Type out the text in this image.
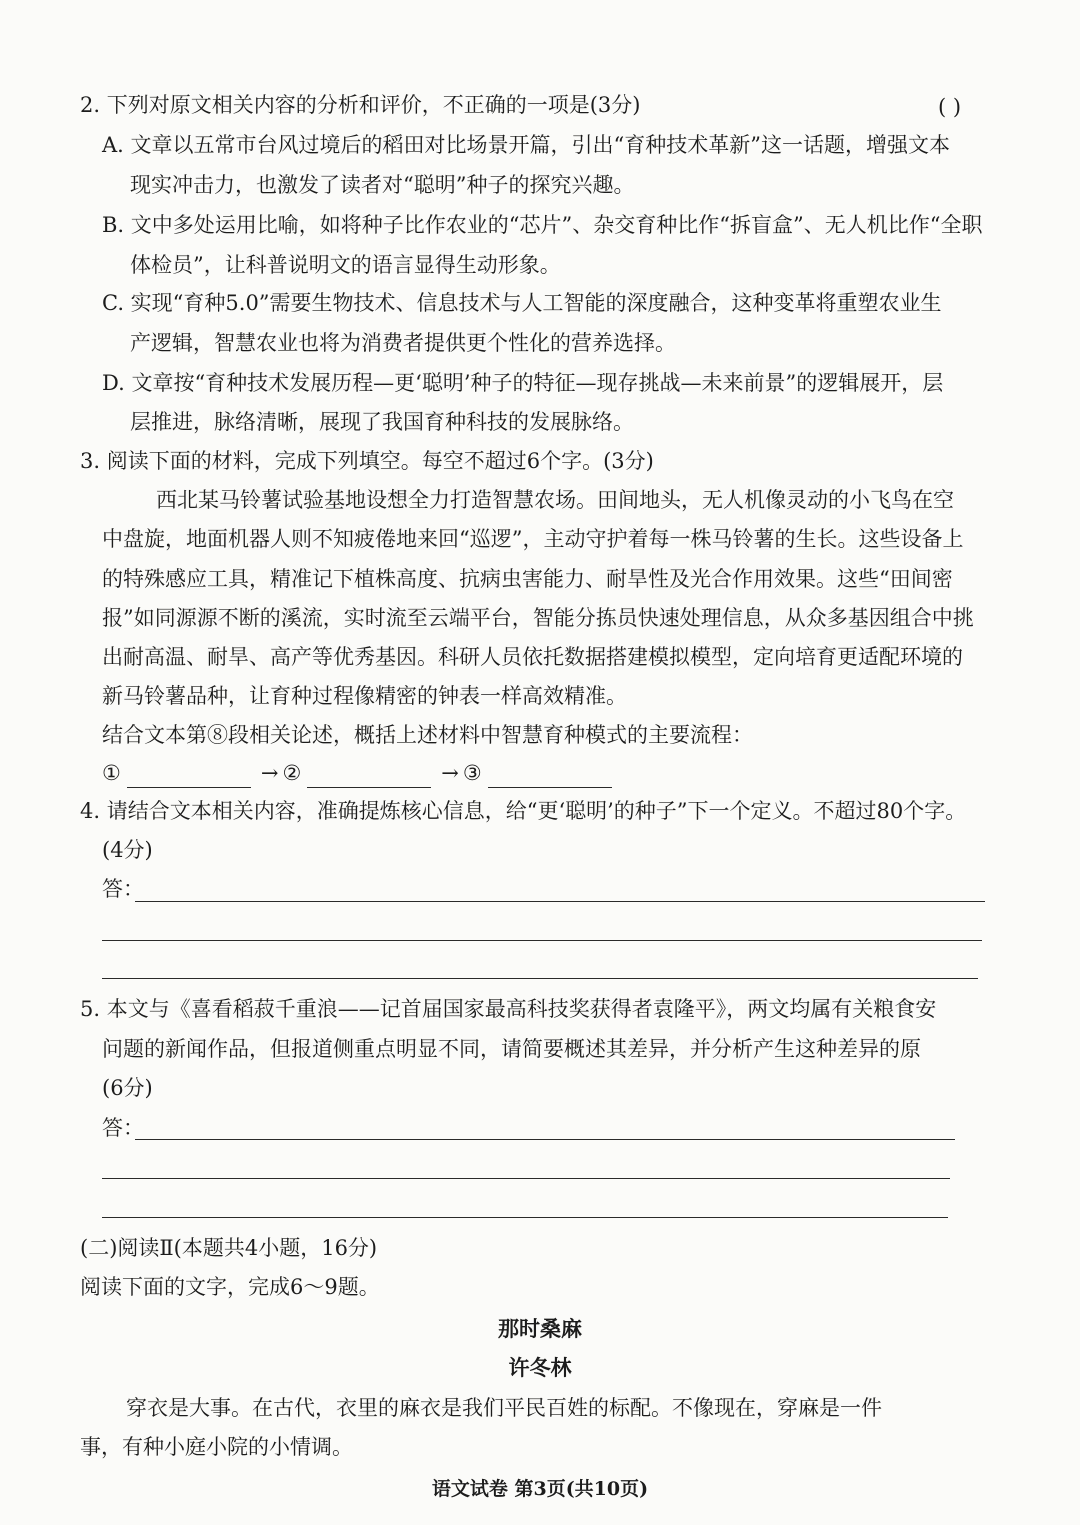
2. 下列对原文相关内容的分析和评价，不正确的一项是(3分)	( )
A. 文章以五常市台风过境后的稻田对比场景开篇，引出“育种技术革新”这一话题，增强文本
现实冲击力，也激发了读者对“聪明”种子的探究兴趣。
B. 文中多处运用比喻，如将种子比作农业的“芯片”、杂交育种比作“拆盲盒”、无人机比作“全职
体检员”，让科普说明文的语言显得生动形象。
C. 实现“育种5.0”需要生物技术、信息技术与人工智能的深度融合，这种变革将重塑农业生
产逻辑，智慧农业也将为消费者提供更个性化的营养选择。
D. 文章按“育种技术发展历程—更‘聪明’种子的特征—现存挑战—未来前景”的逻辑展开，层
层推进，脉络清晰，展现了我国育种科技的发展脉络。
3. 阅读下面的材料，完成下列填空。每空不超过6个字。(3分)
西北某马铃薯试验基地设想全力打造智慧农场。田间地头，无人机像灵动的小飞鸟在空
中盘旋，地面机器人则不知疲倦地来回“巡逻”，主动守护着每一株马铃薯的生长。这些设备上
的特殊感应工具，精准记下植株高度、抗病虫害能力、耐旱性及光合作用效果。这些“田间密
报”如同源源不断的溪流，实时流至云端平台，智能分拣员快速处理信息，从众多基因组合中挑
出耐高温、耐旱、高产等优秀基因。科研人员依托数据搭建模拟模型，定向培育更适配环境的
新马铃薯品种，让育种过程像精密的钟表一样高效精准。
结合文本第⑧段相关论述，概括上述材料中智慧育种模式的主要流程：
①	→ ②	→ ③
4. 请结合文本相关内容，准确提炼核心信息，给“更‘聪明’的种子”下一个定义。不超过80个字。
(4分)
答：
5. 本文与《喜看稻菽千重浪——记首届国家最高科技奖获得者袁隆平》，两文均属有关粮食安
问题的新闻作品，但报道侧重点明显不同，请简要概述其差异，并分析产生这种差异的原
(6分)
答：
(二)阅读Ⅱ(本题共4小题，16分)
阅读下面的文字，完成6～9题。
那时桑麻
许冬林
穿衣是大事。在古代，衣里的麻衣是我们平民百姓的标配。不像现在，穿麻是一件
事，有种小庭小院的小情调。
语文试卷 第3页(共10页)
